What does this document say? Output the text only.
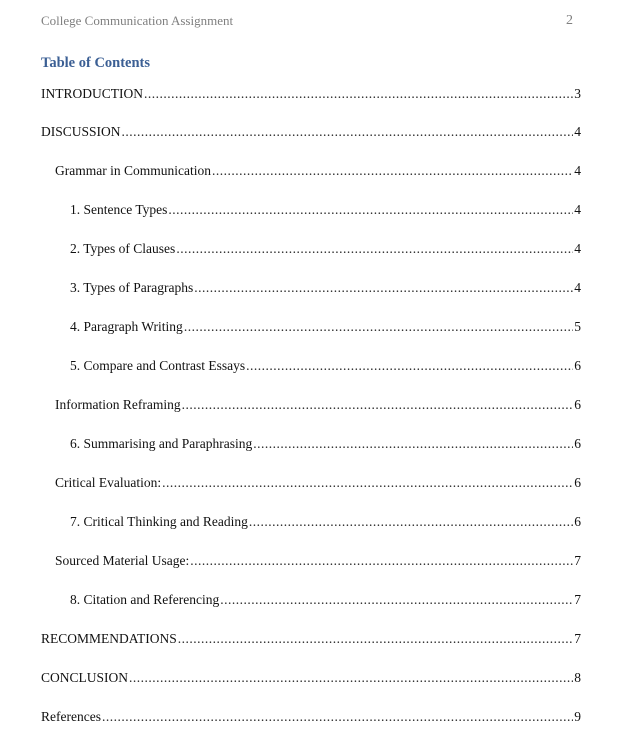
College Communication Assignment	2
Table of Contents
INTRODUCTION .....	3
DISCUSSION .....	4
Grammar in Communication .....	4
1. Sentence Types .....	4
2. Types of Clauses .....	4
3. Types of Paragraphs .....	4
4. Paragraph Writing .....	5
5. Compare and Contrast Essays .....	6
Information Reframing .....	6
6. Summarising and Paraphrasing .....	6
Critical Evaluation: .....	6
7. Critical Thinking and Reading .....	6
Sourced Material Usage: .....	7
8. Citation and Referencing .....	7
RECOMMENDATIONS .....	7
CONCLUSION .....	8
References .....	9
